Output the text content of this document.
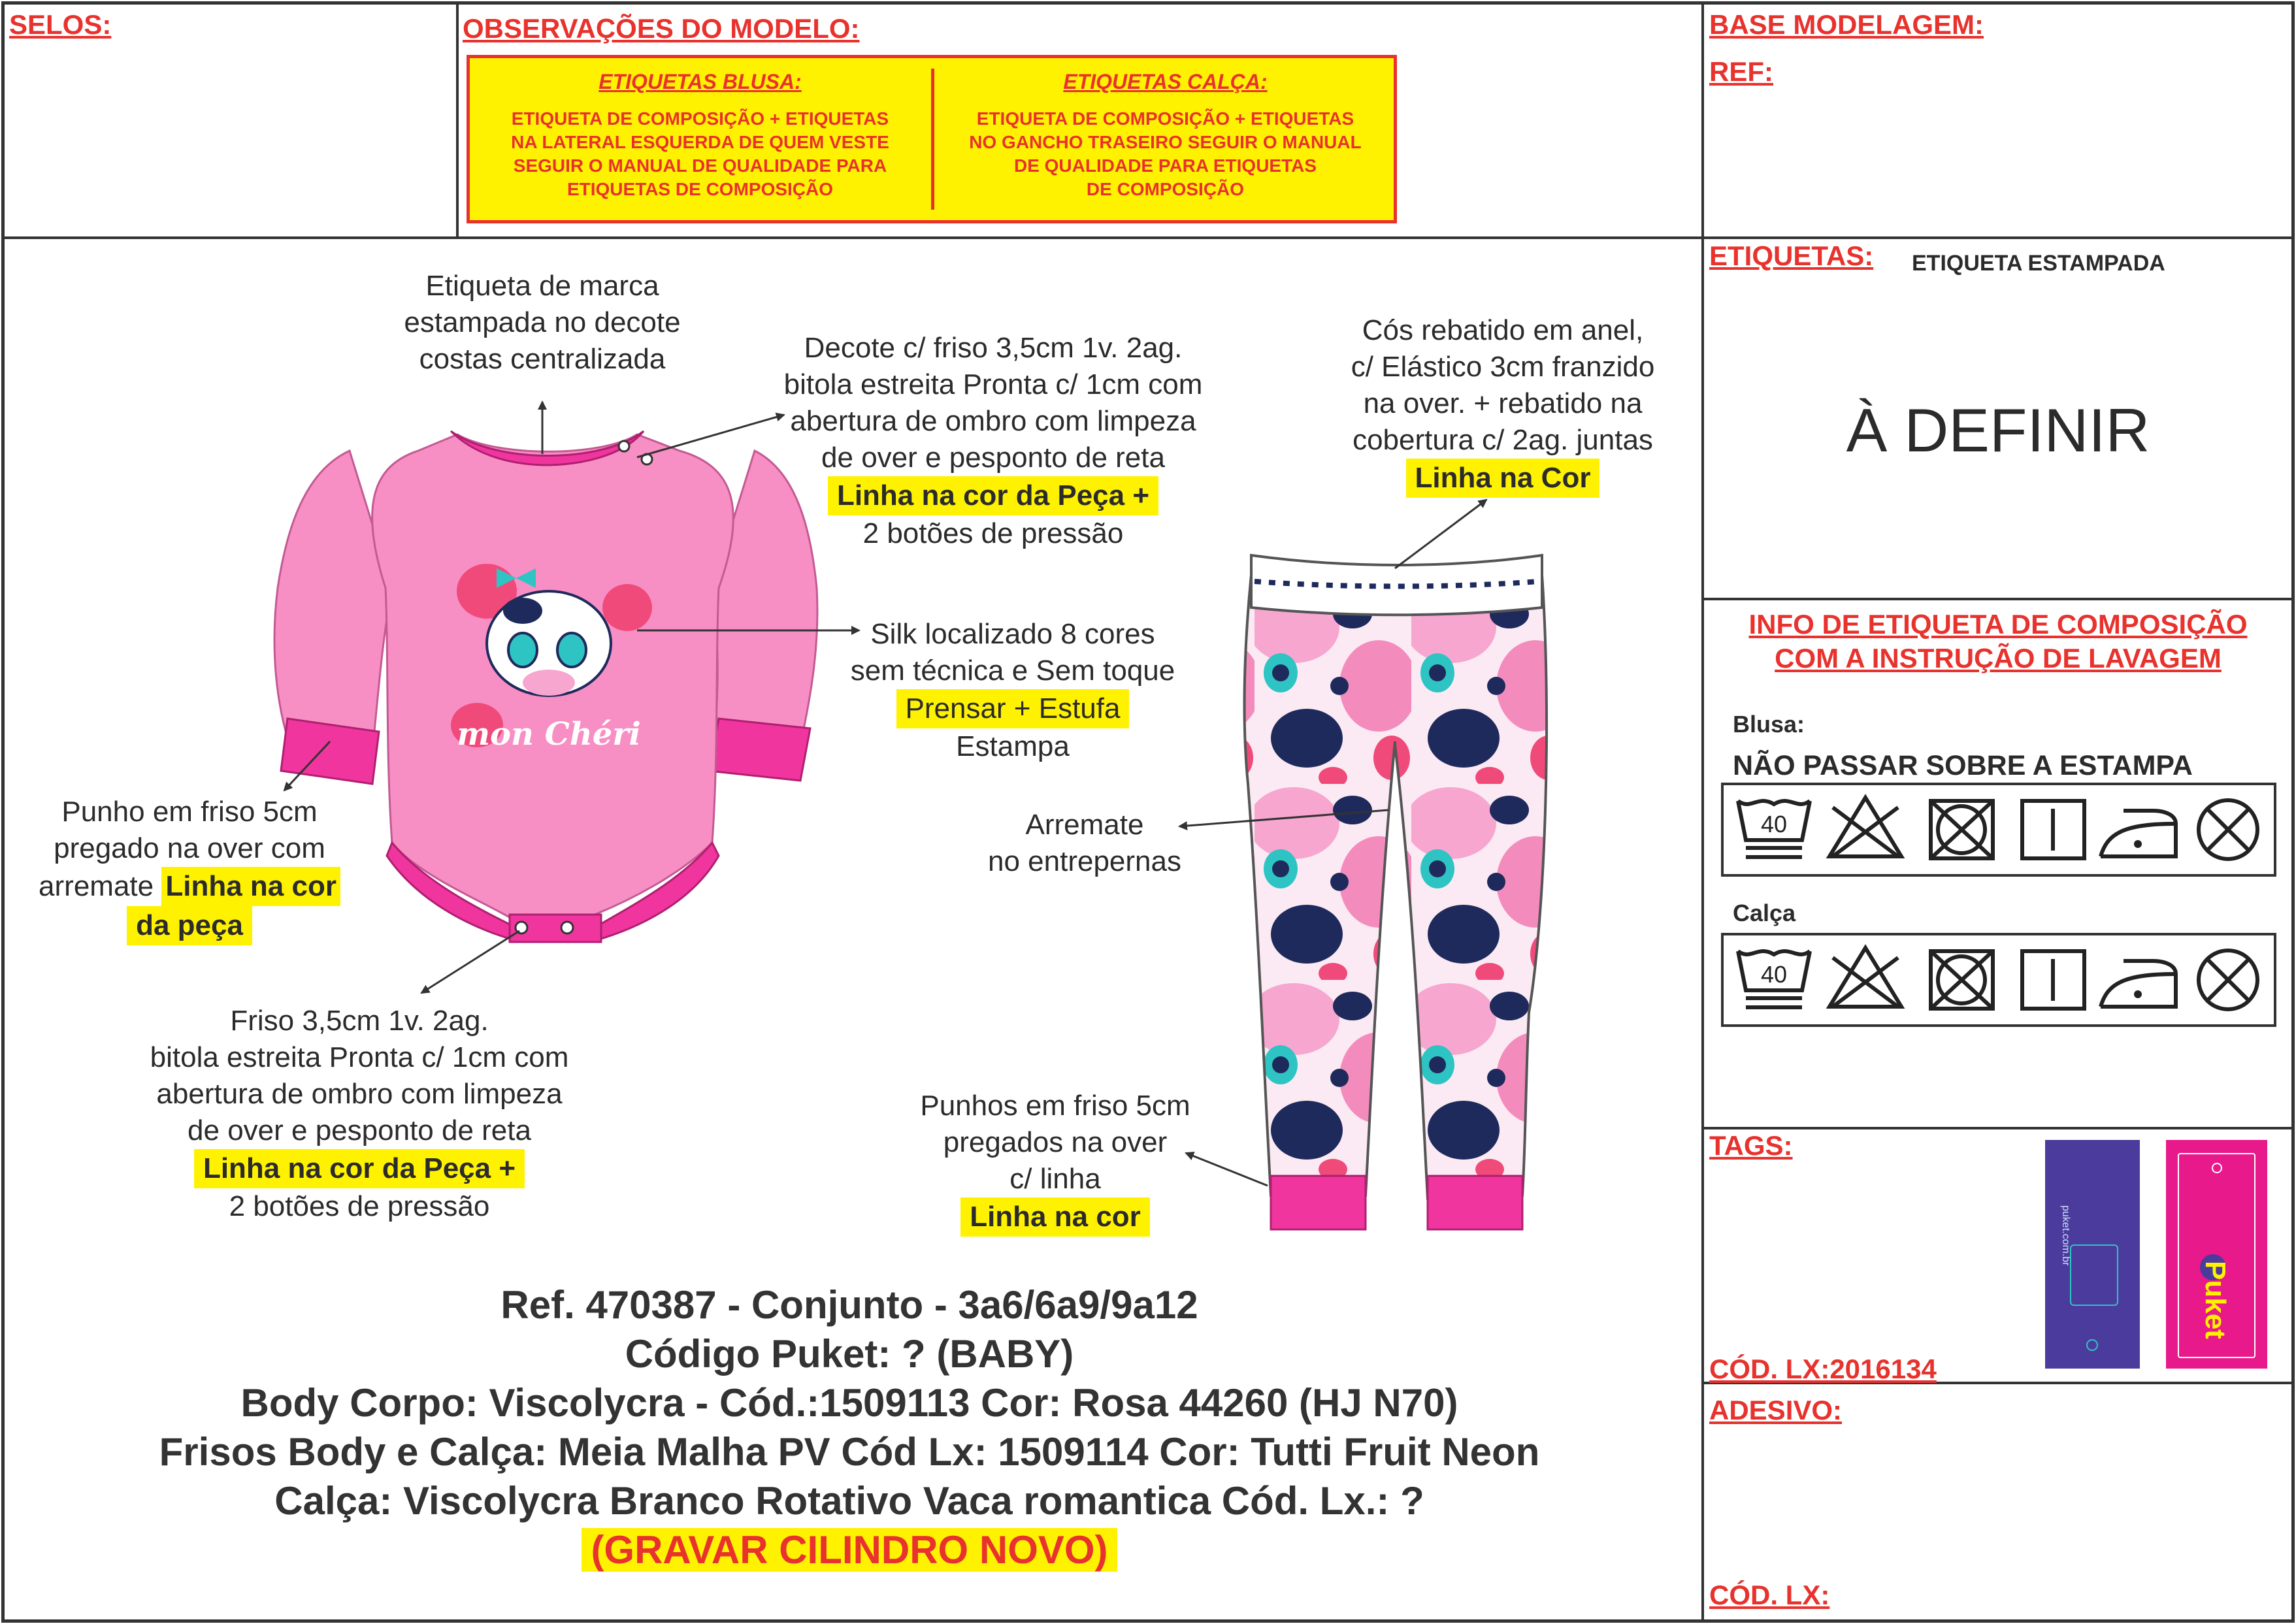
SELOS:	OBSERVAÇÕES DO MODELO:
ETIQUETAS BLUSA:
ETIQUETA DE COMPOSIÇÃO + ETIQUETAS
NA LATERAL ESQUERDA DE QUEM VESTE
SEGUIR O MANUAL DE QUALIDADE PARA
ETIQUETAS DE COMPOSIÇÃO
ETIQUETAS CALÇA:
ETIQUETA DE COMPOSIÇÃO + ETIQUETAS
NO GANCHO TRASEIRO SEGUIR O MANUAL
DE QUALIDADE PARA ETIQUETAS
DE COMPOSIÇÃO
BASE MODELAGEM:
REF:
mon Chéri
Etiqueta de marca
estampada no decote
costas centralizada	Decote c/ friso 3,5cm 1v. 2ag.
bitola estreita Pronta c/ 1cm com
abertura de ombro com limpeza
de over e pesponto de reta
Linha na cor da Peça +
2 botões de pressão
Cós rebatido em anel,
c/ Elástico 3cm franzido
na over. + rebatido na
cobertura c/ 2ag. juntas
Linha na Cor
Silk localizado 8 cores
sem técnica e Sem toque
Prensar + Estufa
Estampa
Punho em friso 5cm
pregado na over com
arremate Linha na cor
da peça
Arremate
no entrepernas
Friso 3,5cm 1v. 2ag.
bitola estreita Pronta c/ 1cm com
abertura de ombro com limpeza
de over e pesponto de reta
Linha na cor da Peça +
2 botões de pressão
Punhos em friso 5cm
pregados na over
c/ linha
Linha na cor
Ref. 470387 - Conjunto - 3a6/6a9/9a12
Código Puket: ? (BABY)
Body Corpo: Viscolycra - Cód.:1509113 Cor: Rosa 44260 (HJ N70)
Frisos Body e Calça: Meia Malha PV Cód Lx: 1509114 Cor: Tutti Fruit Neon
Calça: Viscolycra Branco Rotativo Vaca romantica Cód. Lx.: ?
(GRAVAR CILINDRO NOVO)
ETIQUETAS: ETIQUETA ESTAMPADA
À DEFINIR
INFO DE ETIQUETA DE COMPOSIÇÃO
COM A INSTRUÇÃO DE LAVAGEM
Blusa:
NÃO PASSAR SOBRE A ESTAMPA
Calça
40
40
TAGS:
puket.com.br
Puket
CÓD. LX:2016134
ADESIVO:
CÓD. LX:
